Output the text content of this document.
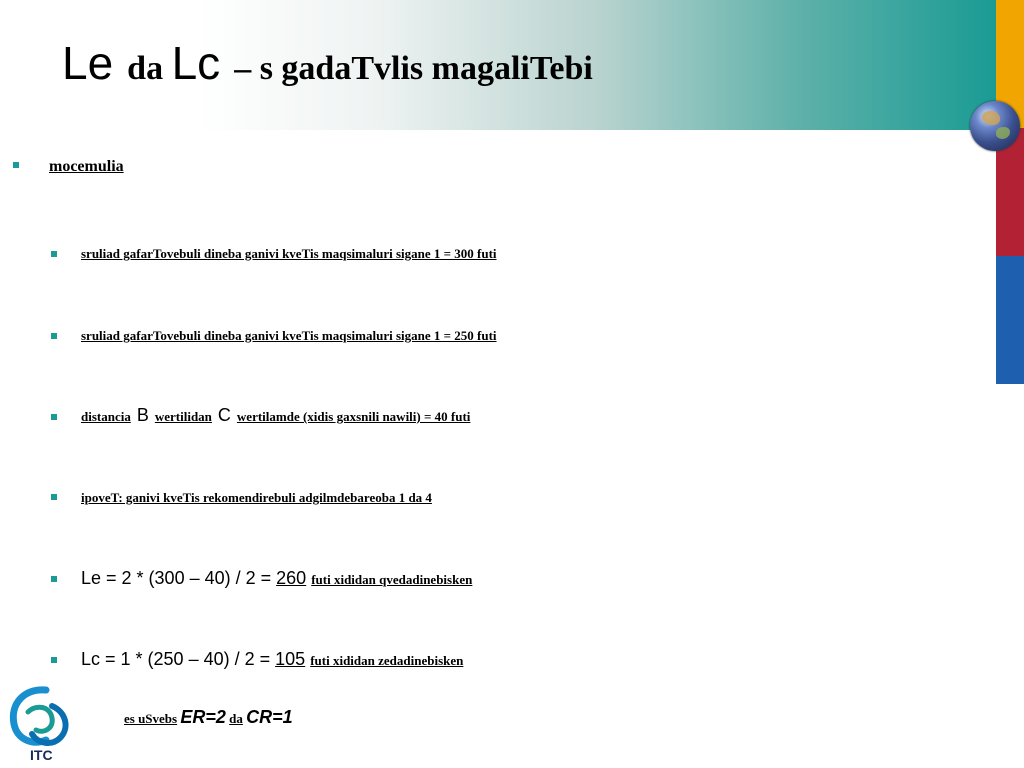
Le da Lc – s gadaTvlis magaliTebi
mocemulia
sruliad gafarTovebuli dineba ganivi kveTis maqsimaluri sigane 1 = 300 futi
sruliad gafarTovebuli dineba ganivi kveTis maqsimaluri sigane 1 = 250 futi
distancia B wertilidan C wertilamde (xidis gaxsnili nawili) = 40 futi
ipoveT: ganivi kveTis rekomendirebuli adgilmdebareoba 1 da 4
Le = 2 * (300 – 40) / 2 = 260 futi xididan qvedadinebisken
Lc = 1 * (250 – 40) / 2 = 105 futi xididan zedadinebisken
es uSvebs ER=2 da CR=1
ITC
